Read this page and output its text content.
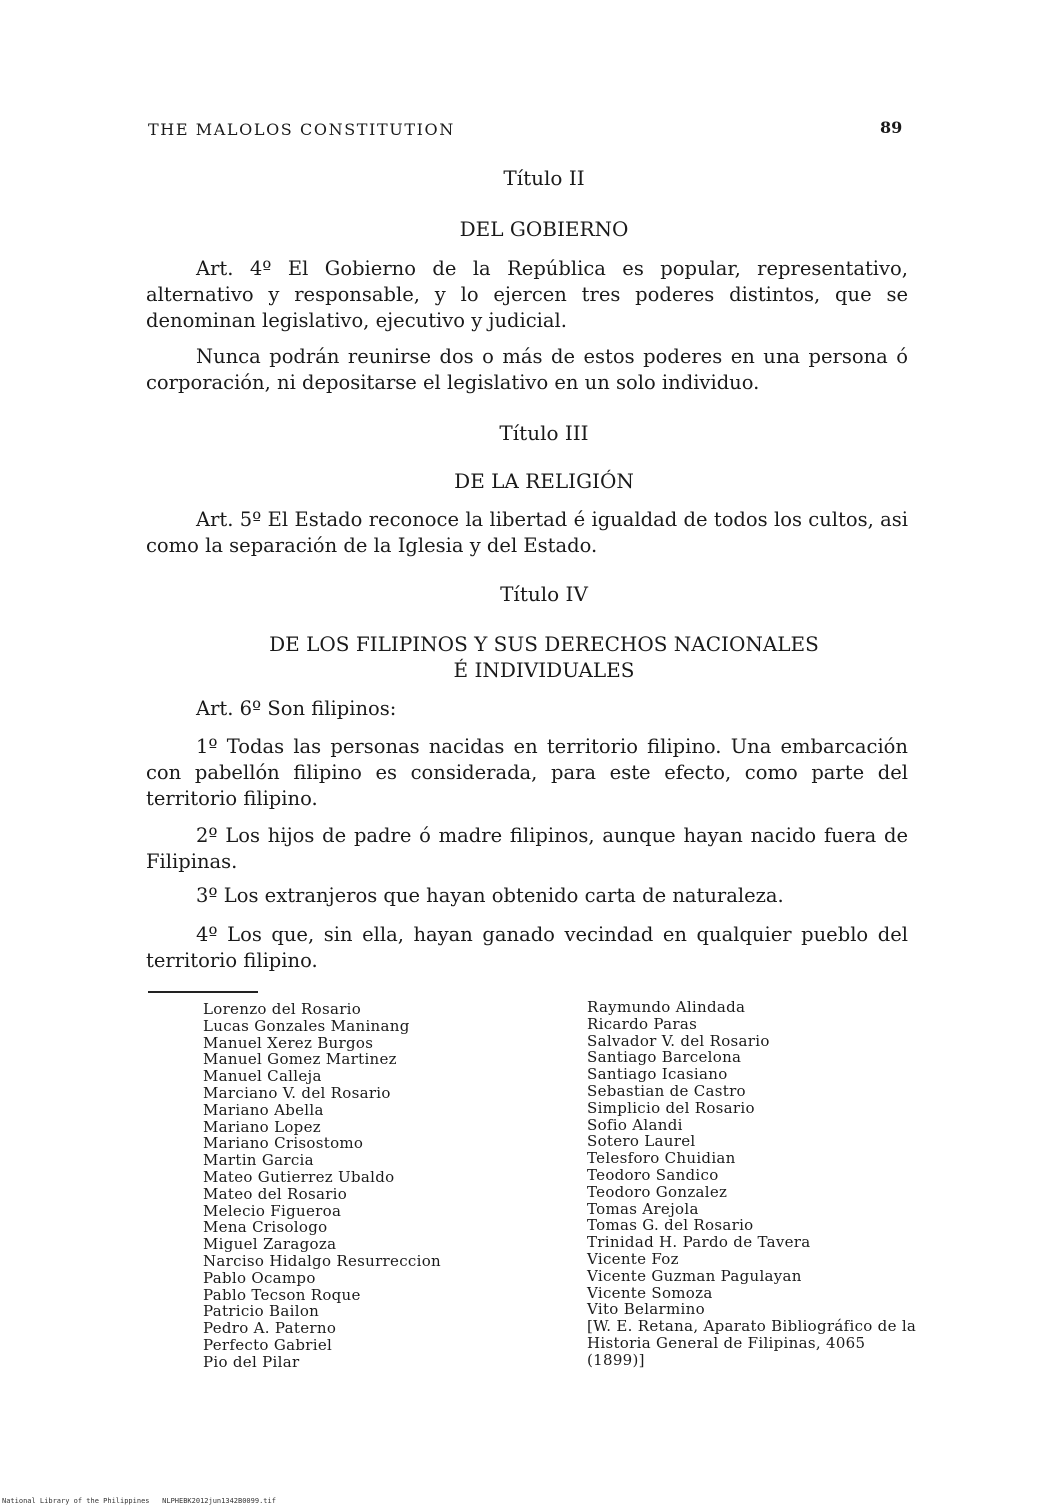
THE MALOLOS CONSTITUTION	89
Título II
DEL GOBIERNO

Art. 4º El Gobierno de la República es popular, representativo, alternativo y responsable, y lo ejercen tres poderes distintos, que se denominan legislativo, ejecutivo y judicial.

Nunca podrán reunirse dos o más de estos poderes en una persona ó corporación, ni depositarse el legislativo en un solo individuo.

Título III
DE LA RELIGIÓN

Art. 5º El Estado reconoce la libertad é igualdad de todos los cultos, asi como la separación de la Iglesia y del Estado.

Título IV
DE LOS FILIPINOS Y SUS DERECHOS NACIONALES
É INDIVIDUALES

Art. 6º Son filipinos:

1º Todas las personas nacidas en territorio filipino. Una embarcación con pabellón filipino es considerada, para este efecto, como parte del territorio filipino.

2º Los hijos de padre ó madre filipinos, aunque hayan nacido fuera de Filipinas.

3º Los extranjeros que hayan obtenido carta de naturaleza.

4º Los que, sin ella, hayan ganado vecindad en qualquier pueblo del territorio filipino.

Lorenzo del Rosario
Lucas Gonzales Maninang
Manuel Xerez Burgos
Manuel Gomez Martinez
Manuel Calleja
Marciano V. del Rosario
Mariano Abella
Mariano Lopez
Mariano Crisostomo
Martin Garcia
Mateo Gutierrez Ubaldo
Mateo del Rosario
Melecio Figueroa
Mena Crisologo
Miguel Zaragoza
Narciso Hidalgo Resurreccion
Pablo Ocampo
Pablo Tecson Roque
Patricio Bailon
Pedro A. Paterno
Perfecto Gabriel
Pio del Pilar
Raymundo Alindada
Ricardo Paras
Salvador V. del Rosario
Santiago Barcelona
Santiago Icasiano
Sebastian de Castro
Simplicio del Rosario
Sofio Alandi
Sotero Laurel
Telesforo Chuidian
Teodoro Sandico
Teodoro Gonzalez
Tomas Arejola
Tomas G. del Rosario
Trinidad H. Pardo de Tavera
Vicente Foz
Vicente Guzman Pagulayan
Vicente Somoza
Vito Belarmino
[W. E. Retana, Aparato Bibliográfico de la Historia General de Filipinas, 4065 (1899)]
National Library of the Philippines   NLPHEBK2012jun1342B0099.tif
